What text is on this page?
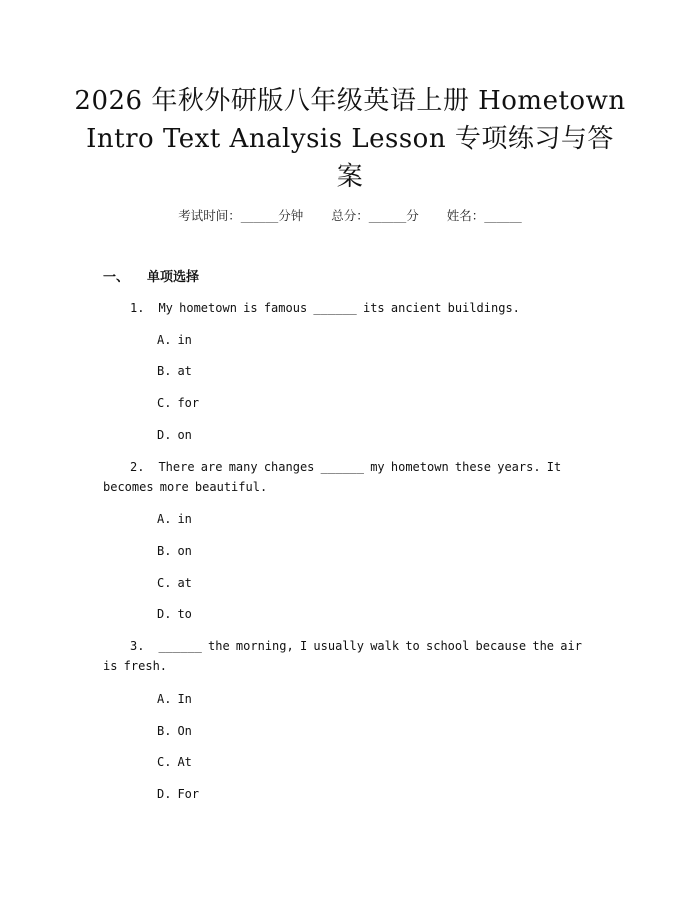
2026 年秋外研版八年级英语上册 Hometown
Intro Text Analysis Lesson 专项练习与答
案
考试时间：______分钟 总分：______分 姓名：______
一、 单项选择

1. My hometown is famous ______ its ancient buildings.

A. in
B. at
C. for
D. on

2. There are many changes ______ my hometown these years. It becomes more beautiful.

A. in
B. on
C. at
D. to

3. ______ the morning, I usually walk to school because the air is fresh.

A. In
B. On
C. At
D. For
